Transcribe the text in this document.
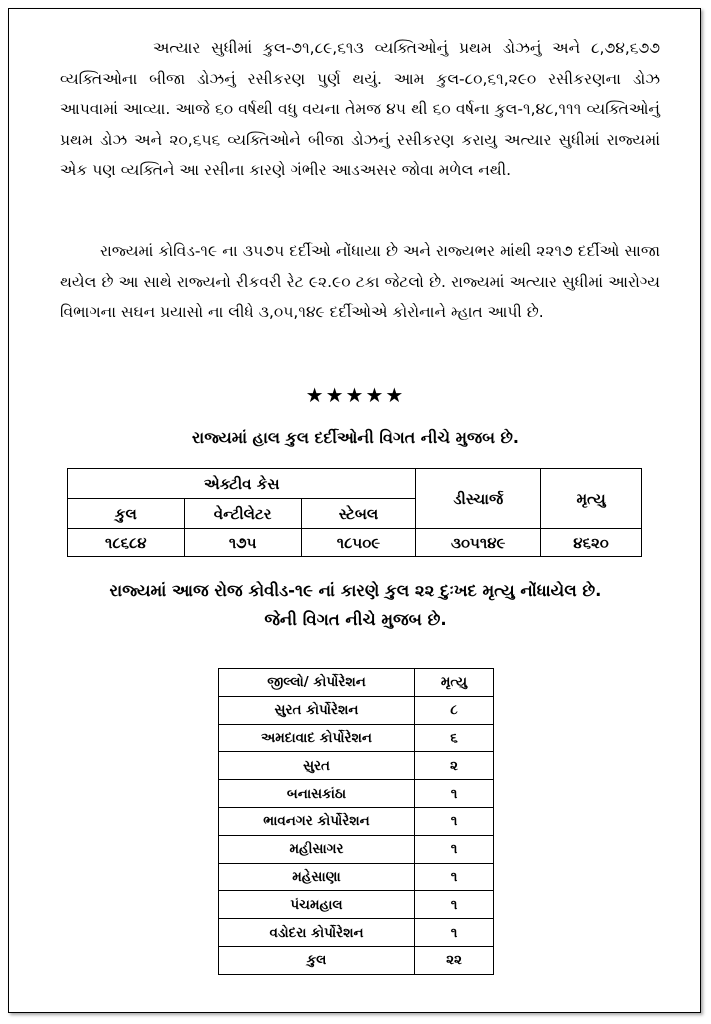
અત્યાર સુધીમાં કુલ-૭૧,૮૯,૬૧૩ વ્યક્તિઓનું પ્રથમ ડોઝનું અને ૮,૭૪,૬૭૭ વ્યક્તિઓના બીજા ડોઝનું રસીકરણ પુર્ણ થયું. આમ કુલ-૮૦,૬૧,૨૯૦ રસીકરણના ડોઝ આપવામાં આવ્યા. આજે ૬૦ વર્ષથી વધુ વયના તેમજ ૪૫ થી ૬૦ વર્ષના કુલ-૧,૪૮,૧૧૧ વ્યક્તિઓનું પ્રથમ ડોઝ અને ૨૦,૬૫૬ વ્યક્તિઓને બીજા ડોઝનું રસીકરણ કરાયુ અત્યાર સુધીમાં રાજ્યમાં એક પણ વ્યક્તિને આ રસીના કારણે ગંભીર આડઅસર જોવા મળેલ નથી.

રાજ્યમાં કોવિડ-૧૯ ના ૩૫૭૫ દર્દીઓ નોંધાયા છે અને રાજ્યભર માંથી ૨૨૧૭ દર્દીઓ સાજા થયેલ છે આ સાથે રાજ્યનો રીકવરી રેટ ૯૨.૯૦ ટકા જેટલો છે. રાજ્યમાં અત્યાર સુધીમાં આરોગ્ય વિભાગના સઘન પ્રયાસો ના લીધે ૩,૦૫,૧૪૯ દર્દીઓએ કોરોનાને મ્હાત આપી છે.

★★★★★

રાજ્યમાં હાલ કુલ દર્દીઓની વિગત નીચે મુજબ છે.

એક્ટીવ કેસ			ડીસ્ચાર્જ	મૃત્યુ
કુલ	વેન્ટીલેટર	સ્ટેબલ		
૧૮૬૮૪	૧૭૫	૧૮૫૦૯	૩૦૫૧૪૯	૪૬૨૦

રાજ્યમાં આજ રોજ કોવીડ-૧૯ નાં કારણે કુલ ૨૨ દુઃખદ મૃત્યુ નોંધાયેલ છે.
જેની વિગત નીચે મુજબ છે.

જીલ્લો/ કોર્પોરેશન	મૃત્યુ
સુરત કોર્પોરેશન	૮
અમદાવાદ કોર્પોરેશન	૬
સુરત	૨
બનાસકાંઠા	૧
ભાવનગર કોર્પોરેશન	૧
મહીસાગર	૧
મહેસાણા	૧
પંચમહાલ	૧
વડોદરા કોર્પોરેશન	૧
કુલ	૨૨
